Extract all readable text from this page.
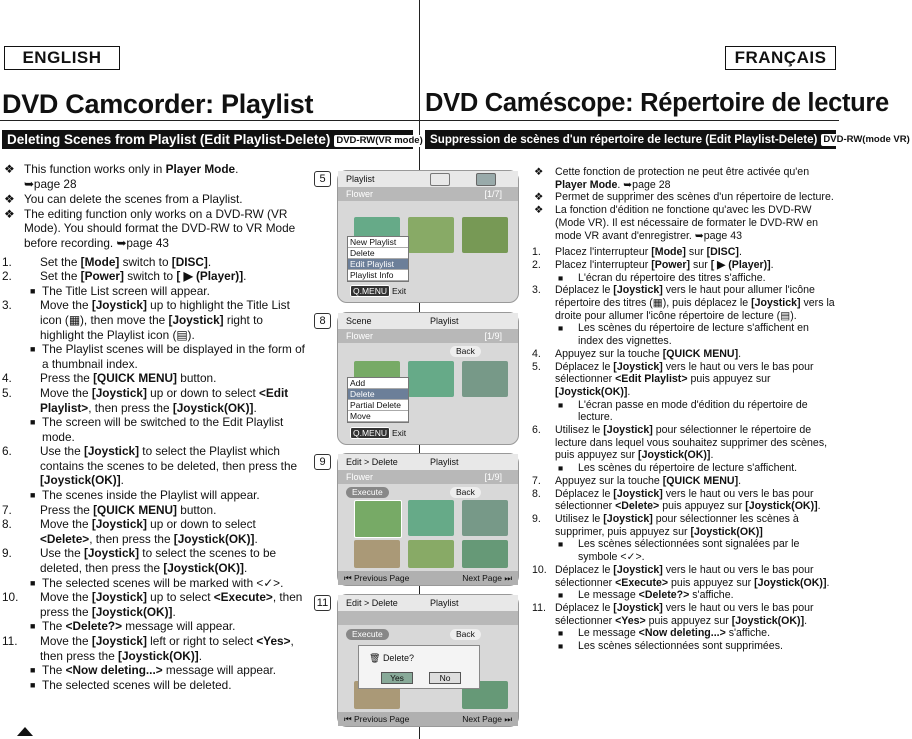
ENGLISH	FRANÇAIS
DVD Camcorder: Playlist	DVD Caméscope: Répertoire de lecture
Deleting Scenes from Playlist (Edit Playlist-Delete) DVD-RW(VR mode) Suppression de scènes d'un répertoire de lecture (Edit Playlist-Delete) DVD-RW(mode VR)
❖ This function works only in Player Mode.
➥page 28
❖ You can delete the scenes from a Playlist.
❖ The editing function only works on a DVD-RW (VR Mode). You should format the DVD-RW to VR Mode before recording. ➥page 43
1. Set the [Mode] switch to [DISC].
2. Set the [Power] switch to [ ▶ (Player)].
■ The Title List screen will appear.
3. Move the [Joystick] up to highlight the Title List icon (▦), then move the [Joystick] right to highlight the Playlist icon (▤).
■ The Playlist scenes will be displayed in the form of a thumbnail index.
4. Press the [QUICK MENU] button.
5. Move the [Joystick] up or down to select <Edit Playlist>, then press the [Joystick(OK)].
■ The screen will be switched to the Edit Playlist mode.
6. Use the [Joystick] to select the Playlist which contains the scenes to be deleted, then press the [Joystick(OK)].
■ The scenes inside the Playlist will appear.
7. Press the [QUICK MENU] button.
8. Move the [Joystick] up or down to select <Delete>, then press the [Joystick(OK)].
9. Use the [Joystick] to select the scenes to be deleted, then press the [Joystick(OK)].
■ The selected scenes will be marked with <✓>.
10. Move the [Joystick] up to select <Execute>, then press the [Joystick(OK)].
■ The <Delete?> message will appear.
11. Move the [Joystick] left or right to select <Yes>, then press the [Joystick(OK)].
■ The <Now deleting...> message will appear.
■ The selected scenes will be deleted.
5	Playlist
Flower	[1/7]
New Playlist
Delete
Edit Playlist
Playlist Info
Q.MENU Exit
8	Scene	Playlist
Flower	[1/9]
Back
Add
Delete
Partial Delete
Move
Q.MENU Exit
9	Edit > Delete	Playlist
Flower	[1/9]
Execute	Back
⏮ Previous Page	Next Page ⏭
11	Edit > Delete	Playlist
Execute	Back
🗑 Delete?
Yes	No
⏮ Previous Page	Next Page ⏭
❖ Cette fonction de protection ne peut être activée qu'en Player Mode. ➥page 28
❖ Permet de supprimer des scènes d'un répertoire de lecture.
❖ La fonction d'édition ne fonctione qu'avec les DVD-RW (Mode VR). Il est nécessaire de formater le DVD-RW en mode VR avant d'enregistrer. ➥page 43
1. Placez l'interrupteur [Mode] sur [DISC].
2. Placez l'interrupteur [Power] sur [ ▶ (Player)].
■ L'écran du répertoire des titres s'affiche.
3. Déplacez le [Joystick] vers le haut pour allumer l'icône répertoire des titres (▦), puis déplacez le [Joystick] vers la droite pour allumer l'icône répertoire de lecture (▤).
■ Les scènes du répertoire de lecture s'affichent en index des vignettes.
4. Appuyez sur la touche [QUICK MENU].
5. Déplacez le [Joystick] vers le haut ou vers le bas pour sélectionner <Edit Playlist> puis appuyez sur [Joystick(OK)].
■ L'écran passe en mode d'édition du répertoire de lecture.
6. Utilisez le [Joystick] pour sélectionner le répertoire de lecture dans lequel vous souhaitez supprimer des scènes, puis appuyez sur [Joystick(OK)].
■ Les scènes du répertoire de lecture s'affichent.
7. Appuyez sur la touche [QUICK MENU].
8. Déplacez le [Joystick] vers le haut ou vers le bas pour sélectionner <Delete> puis appuyez sur [Joystick(OK)].
9. Utilisez le [Joystick] pour sélectionner les scènes à supprimer, puis appuyez sur [Joystick(OK)]
■ Les scènes sélectionnées sont signalées par le symbole <✓>.
10. Déplacez le [Joystick] vers le haut ou vers le bas pour sélectionner <Execute> puis appuyez sur [Joystick(OK)].
■ Le message <Delete?> s'affiche.
11. Déplacez le [Joystick] vers le haut ou vers le bas pour sélectionner <Yes> puis appuyez sur [Joystick(OK)].
■ Le message <Now deleting...> s'affiche.
■ Les scènes sélectionnées sont supprimées.
